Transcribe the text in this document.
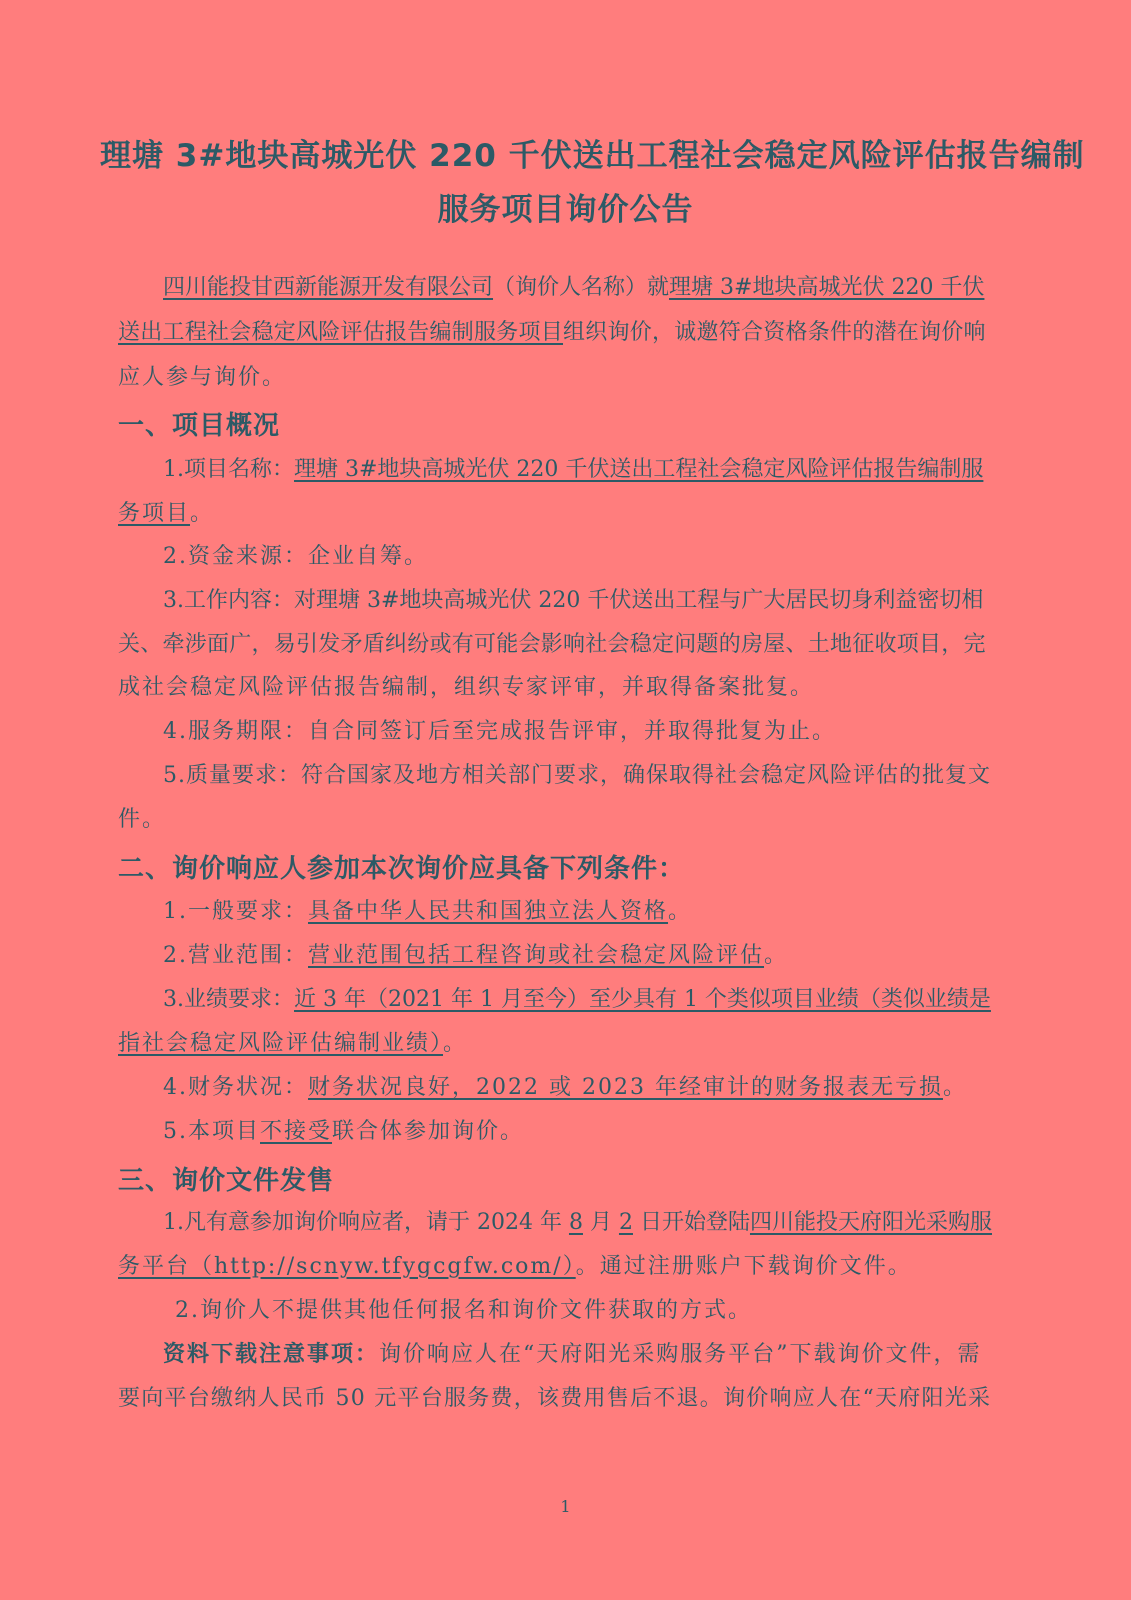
理塘 3#地块高城光伏 220 千伏送出工程社会稳定风险评估报告编制
服务项目询价公告
四川能投甘西新能源开发有限公司（询价人名称）就理塘 3#地块高城光伏 220 千伏
送出工程社会稳定风险评估报告编制服务项目组织询价，诚邀符合资格条件的潜在询价响
应人参与询价。
一、项目概况
1.项目名称：理塘 3#地块高城光伏 220 千伏送出工程社会稳定风险评估报告编制服
务项目。
2.资金来源：企业自筹。
3.工作内容：对理塘 3#地块高城光伏 220 千伏送出工程与广大居民切身利益密切相
关、牵涉面广，易引发矛盾纠纷或有可能会影响社会稳定问题的房屋、土地征收项目，完
成社会稳定风险评估报告编制，组织专家评审，并取得备案批复。
4.服务期限：自合同签订后至完成报告评审，并取得批复为止。
5.质量要求：符合国家及地方相关部门要求，确保取得社会稳定风险评估的批复文
件。
二、询价响应人参加本次询价应具备下列条件：
1.一般要求：具备中华人民共和国独立法人资格。
2.营业范围：营业范围包括工程咨询或社会稳定风险评估。
3.业绩要求：近 3 年（2021 年 1 月至今）至少具有 1 个类似项目业绩（类似业绩是
指社会稳定风险评估编制业绩）。
4.财务状况：财务状况良好，2022 或 2023 年经审计的财务报表无亏损。
5.本项目不接受联合体参加询价。
三、询价文件发售
1.凡有意参加询价响应者，请于 2024 年 8 月 2 日开始登陆四川能投天府阳光采购服
务平台（http://scnyw.tfygcgfw.com/）。通过注册账户下载询价文件。
2.询价人不提供其他任何报名和询价文件获取的方式。
资料下载注意事项：询价响应人在“天府阳光采购服务平台”下载询价文件，需
要向平台缴纳人民币 50 元平台服务费，该费用售后不退。询价响应人在“天府阳光采
1
